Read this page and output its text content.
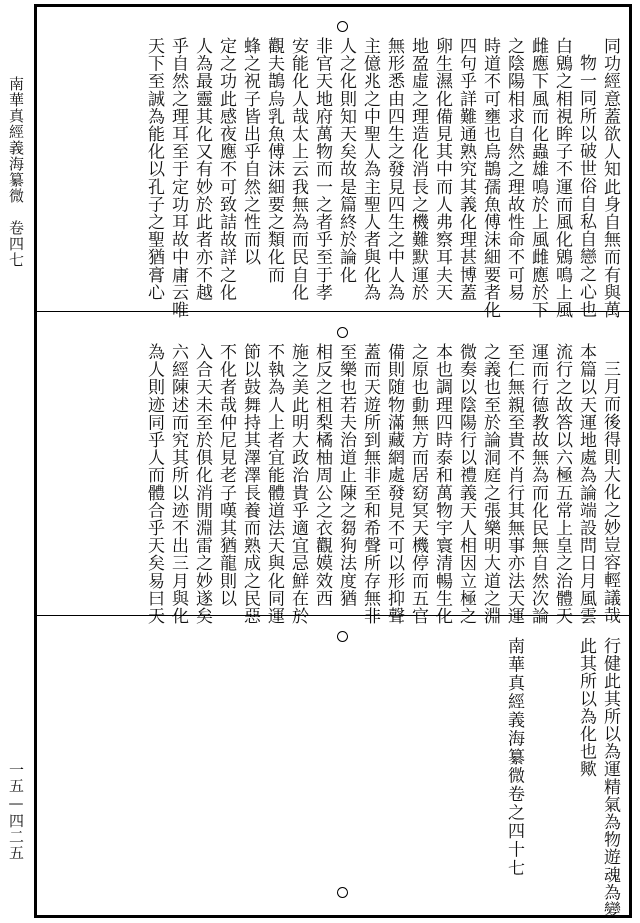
南華真經義海纂微　卷四七
一五—四二五
同功經意蓋欲人知此身自無而有與萬
物一同所以破世俗自私自戀之心也
白鶂之相視眸子不運而風化鶂鳴上風
雌應下風而化蟲雄鳴於上風雌應於下
之陰陽相求自然之理故性命不可易
時道不可壅也烏鵲孺魚傅沫細要者化
四句乎詳難通熟究其義化理甚博蓋
卵生濕化備見其中而人弗察耳夫天
地盈虛之理造化消長之機難默運於
無形悉由四生之發見四生之中人為
主億兆之中聖人為主聖人者與化為
人之化則知天矣故是篇終於論化
非官天地府萬物而一之者乎至于孝
安能化人哉太上云我無為而民自化
觀夫鵲烏乳魚傅沫細要之類化而
蜂之祝子皆出乎自然之性而以
定之功此感夜應不可致詰故詳之化
人為最靈其化又有妙於此者亦不越
乎自然之理耳至于定功耳故中庸云唯
天下至誠為能化以孔子之聖猶膏心
三月而後得則大化之妙豈容輕議哉
本篇以天運地處為論端設問日月風雲
流行之故答以六極五常上皇之治體天
運而行德教故無為而化民無自然次論
至仁無親至貴不肖行其無事亦法天運
之義也至於論洞庭之張樂明大道之淵
微奏以陰陽行以禮義天人相因立極之
本也調理四時泰和萬物宇寰清暢生化
之原也動無方而居窈冥天機停而五官
備則随物滿藏網處發見不可以形抑聲
蓋而天遊所到無非至和希聲所存無非
至樂也若夫治道止陳之芻狗法度猶
相反之柤梨橘柚周公之衣觀嫫效西
施之美此明大政治貴乎適宜忌鮮在於
不執為人上者宜能體道法天與化同運
節以鼓舞持其澤澤長養而熟成之民惡
不化者哉仲尼見老子嘆其猶龍則以
入合天未至於俱化消閒淵雷之妙遂矣
六經陳述而究其所以迹不出三月與化
為人則迹同乎人而體合乎天矣易曰天
行健此其所以為運精氣為物遊魂為變
此其所以為化也歟
南華真經義海纂微卷之四十七
